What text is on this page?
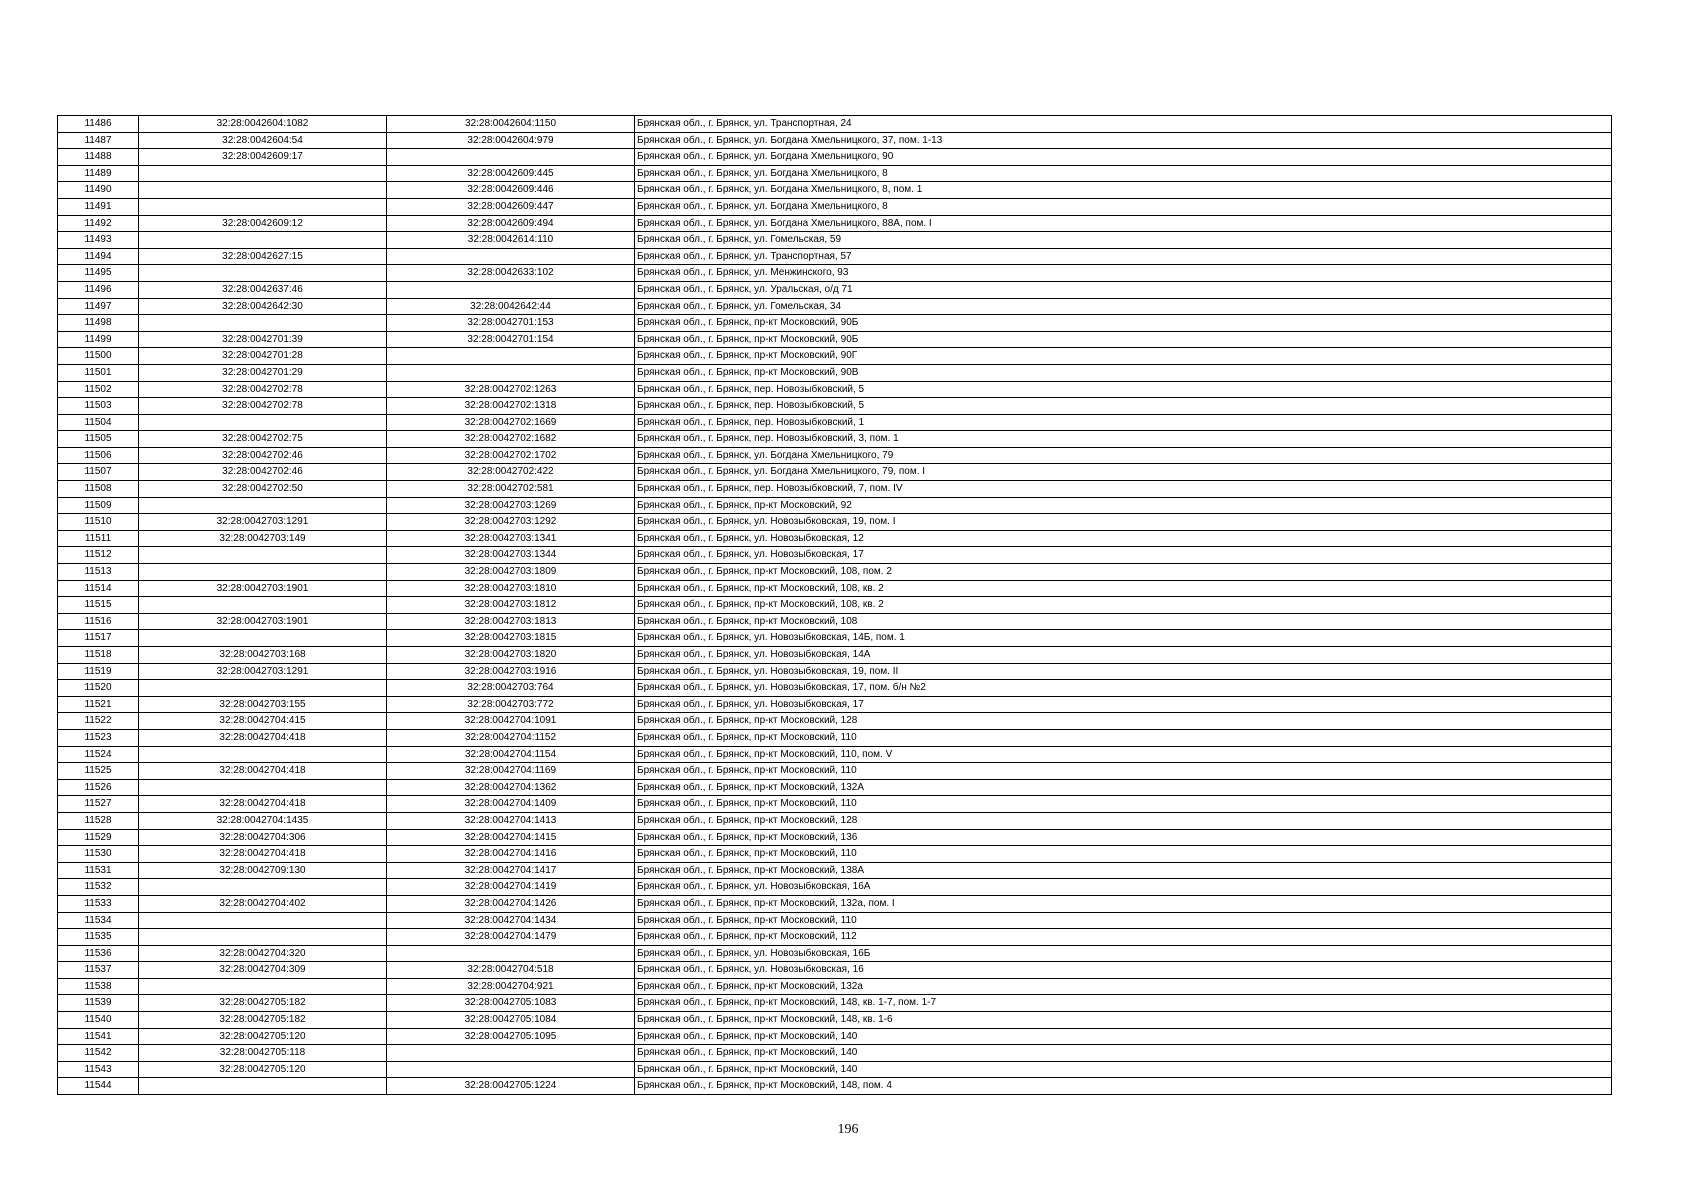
11486	32:28:0042604:1082	32:28:0042604:1150	Брянская обл., г. Брянск, ул. Транспортная, 24
11487	32:28:0042604:54	32:28:0042604:979	Брянская обл., г. Брянск, ул. Богдана Хмельницкого, 37, пом. 1-13
11488	32:28:0042609:17		Брянская обл., г. Брянск, ул. Богдана Хмельницкого, 90
11489		32:28:0042609:445	Брянская обл., г. Брянск, ул. Богдана Хмельницкого, 8
11490		32:28:0042609:446	Брянская обл., г. Брянск, ул. Богдана Хмельницкого, 8, пом. 1
11491		32:28:0042609:447	Брянская обл., г. Брянск, ул. Богдана Хмельницкого, 8
11492	32:28:0042609:12	32:28:0042609:494	Брянская обл., г. Брянск, ул. Богдана Хмельницкого, 88А, пом. I
11493		32:28:0042614:110	Брянская обл., г. Брянск, ул. Гомельская, 59
11494	32:28:0042627:15		Брянская обл., г. Брянск, ул. Транспортная, 57
11495		32:28:0042633:102	Брянская обл., г. Брянск, ул. Менжинского, 93
11496	32:28:0042637:46		Брянская обл., г. Брянск, ул. Уральская, о/д 71
11497	32:28:0042642:30	32:28:0042642:44	Брянская обл., г. Брянск, ул. Гомельская, 34
11498		32:28:0042701:153	Брянская обл., г. Брянск, пр-кт Московский, 90Б
11499	32:28:0042701:39	32:28:0042701:154	Брянская обл., г. Брянск, пр-кт Московский, 90Б
11500	32:28:0042701:28		Брянская обл., г. Брянск, пр-кт Московский, 90Г
11501	32:28:0042701:29		Брянская обл., г. Брянск, пр-кт Московский, 90В
11502	32:28:0042702:78	32:28:0042702:1263	Брянская обл., г. Брянск, пер. Новозыбковский, 5
11503	32:28:0042702:78	32:28:0042702:1318	Брянская обл., г. Брянск, пер. Новозыбковский, 5
11504		32:28:0042702:1669	Брянская обл., г. Брянск, пер. Новозыбковский, 1
11505	32:28:0042702:75	32:28:0042702:1682	Брянская обл., г. Брянск, пер. Новозыбковский, 3, пом. 1
11506	32:28:0042702:46	32:28:0042702:1702	Брянская обл., г. Брянск, ул. Богдана Хмельницкого, 79
11507	32:28:0042702:46	32:28:0042702:422	Брянская обл., г. Брянск, ул. Богдана Хмельницкого, 79, пом. I
11508	32:28:0042702:50	32:28:0042702:581	Брянская обл., г. Брянск, пер. Новозыбковский, 7, пом. IV
11509		32:28:0042703:1269	Брянская обл., г. Брянск, пр-кт Московский, 92
11510	32:28:0042703:1291	32:28:0042703:1292	Брянская обл., г. Брянск, ул. Новозыбковская, 19, пом. I
11511	32:28:0042703:149	32:28:0042703:1341	Брянская обл., г. Брянск, ул. Новозыбковская, 12
11512		32:28:0042703:1344	Брянская обл., г. Брянск, ул. Новозыбковская, 17
11513		32:28:0042703:1809	Брянская обл., г. Брянск, пр-кт Московский, 108, пом. 2
11514	32:28:0042703:1901	32:28:0042703:1810	Брянская обл., г. Брянск, пр-кт Московский, 108, кв. 2
11515		32:28:0042703:1812	Брянская обл., г. Брянск, пр-кт Московский, 108, кв. 2
11516	32:28:0042703:1901	32:28:0042703:1813	Брянская обл., г. Брянск, пр-кт Московский, 108
11517		32:28:0042703:1815	Брянская обл., г. Брянск, ул. Новозыбковская, 14Б, пом. 1
11518	32:28:0042703:168	32:28:0042703:1820	Брянская обл., г. Брянск, ул. Новозыбковская, 14А
11519	32:28:0042703:1291	32:28:0042703:1916	Брянская обл., г. Брянск, ул. Новозыбковская, 19, пом. II
11520		32:28:0042703:764	Брянская обл., г. Брянск, ул. Новозыбковская, 17, пом. б/н №2
11521	32:28:0042703:155	32:28:0042703:772	Брянская обл., г. Брянск, ул. Новозыбковская, 17
11522	32:28:0042704:415	32:28:0042704:1091	Брянская обл., г. Брянск, пр-кт Московский, 128
11523	32:28:0042704:418	32:28:0042704:1152	Брянская обл., г. Брянск, пр-кт Московский, 110
11524		32:28:0042704:1154	Брянская обл., г. Брянск, пр-кт Московский, 110, пом. V
11525	32:28:0042704:418	32:28:0042704:1169	Брянская обл., г. Брянск, пр-кт Московский, 110
11526		32:28:0042704:1362	Брянская обл., г. Брянск, пр-кт Московский, 132А
11527	32:28:0042704:418	32:28:0042704:1409	Брянская обл., г. Брянск, пр-кт Московский, 110
11528	32:28:0042704:1435	32:28:0042704:1413	Брянская обл., г. Брянск, пр-кт Московский, 128
11529	32:28:0042704:306	32:28:0042704:1415	Брянская обл., г. Брянск, пр-кт Московский, 136
11530	32:28:0042704:418	32:28:0042704:1416	Брянская обл., г. Брянск, пр-кт Московский, 110
11531	32:28:0042709:130	32:28:0042704:1417	Брянская обл., г. Брянск, пр-кт Московский, 138А
11532		32:28:0042704:1419	Брянская обл., г. Брянск, ул. Новозыбковская, 16А
11533	32:28:0042704:402	32:28:0042704:1426	Брянская обл., г. Брянск, пр-кт Московский, 132а, пом. I
11534		32:28:0042704:1434	Брянская обл., г. Брянск, пр-кт Московский, 110
11535		32:28:0042704:1479	Брянская обл., г. Брянск, пр-кт Московский, 112
11536	32:28:0042704:320		Брянская обл., г. Брянск, ул. Новозыбковская, 16Б
11537	32:28:0042704:309	32:28:0042704:518	Брянская обл., г. Брянск, ул. Новозыбковская, 16
11538		32:28:0042704:921	Брянская обл., г. Брянск, пр-кт Московский, 132а
11539	32:28:0042705:182	32:28:0042705:1083	Брянская обл., г. Брянск, пр-кт Московский, 148, кв. 1-7, пом. 1-7
11540	32:28:0042705:182	32:28:0042705:1084	Брянская обл., г. Брянск, пр-кт Московский, 148, кв. 1-6
11541	32:28:0042705:120	32:28:0042705:1095	Брянская обл., г. Брянск, пр-кт Московский, 140
11542	32:28:0042705:118		Брянская обл., г. Брянск, пр-кт Московский, 140
11543	32:28:0042705:120		Брянская обл., г. Брянск, пр-кт Московский, 140
11544		32:28:0042705:1224	Брянская обл., г. Брянск, пр-кт Московский, 148, пом. 4
196
